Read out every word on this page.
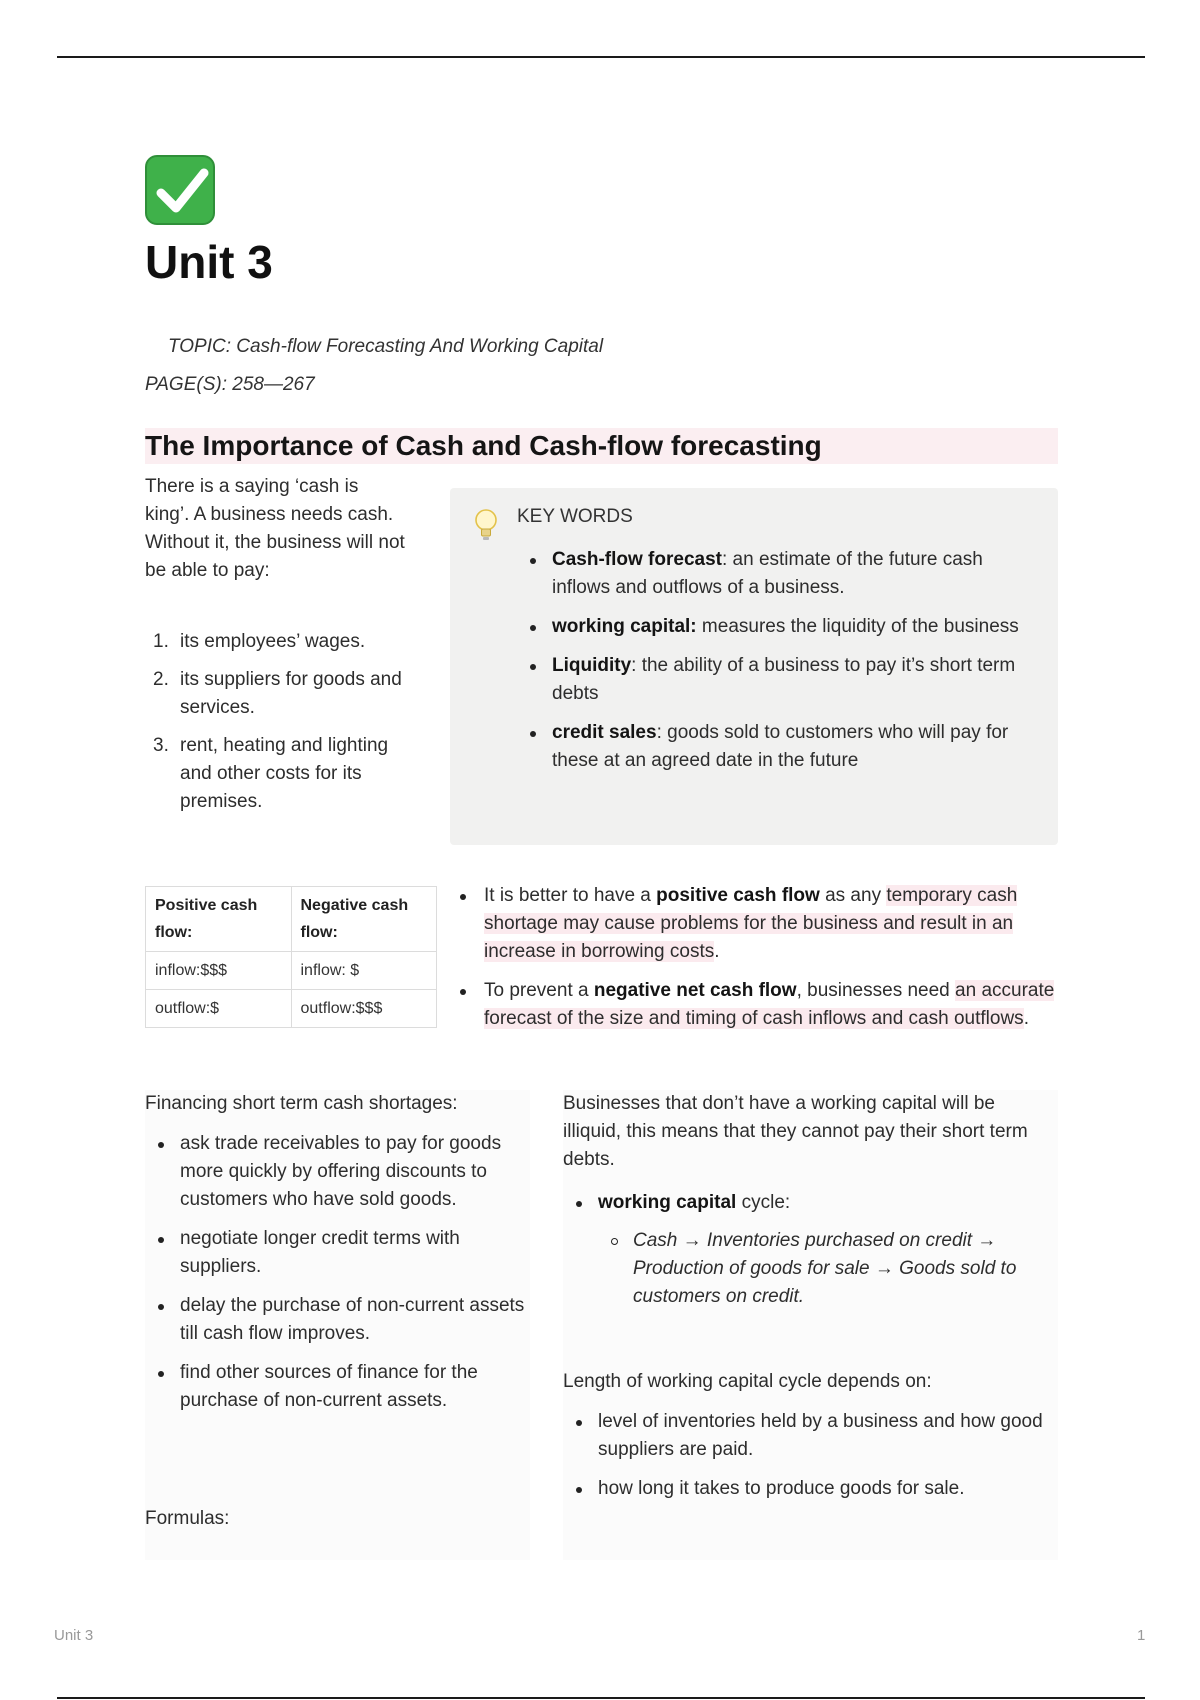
Unit 3
TOPIC: Cash-flow Forecasting And Working Capital
PAGE(S): 258—267
The Importance of Cash and Cash-flow forecasting
There is a saying ‘cash is king’. A business needs cash. Without it, the business will not be able to pay:
1. its employees’ wages.
2. its suppliers for goods and services.
3. rent, heating and lighting and other costs for its premises.
KEY WORDS
Cash-flow forecast: an estimate of the future cash inflows and outflows of a business.
working capital: measures the liquidity of the business
Liquidity: the ability of a business to pay it’s short term debts
credit sales: goods sold to customers who will pay for these at an agreed date in the future
Positive cash flow:	Negative cash flow:
inflow:$$$	inflow: $
outflow:$	outflow:$$$
It is better to have a positive cash flow as any temporary cash shortage may cause problems for the business and result in an increase in borrowing costs.
To prevent a negative net cash flow, businesses need an accurate forecast of the size and timing of cash inflows and cash outflows.
Financing short term cash shortages:
ask trade receivables to pay for goods more quickly by offering discounts to customers who have sold goods.
negotiate longer credit terms with suppliers.
delay the purchase of non-current assets till cash flow improves.
find other sources of finance for the purchase of non-current assets.
Businesses that don’t have a working capital will be illiquid, this means that they cannot pay their short term debts.
working capital cycle:
Cash → Inventories purchased on credit → Production of goods for sale → Goods sold to customers on credit.
Length of working capital cycle depends on:
level of inventories held by a business and how good suppliers are paid.
how long it takes to produce goods for sale.
Formulas:
Unit 3	1
